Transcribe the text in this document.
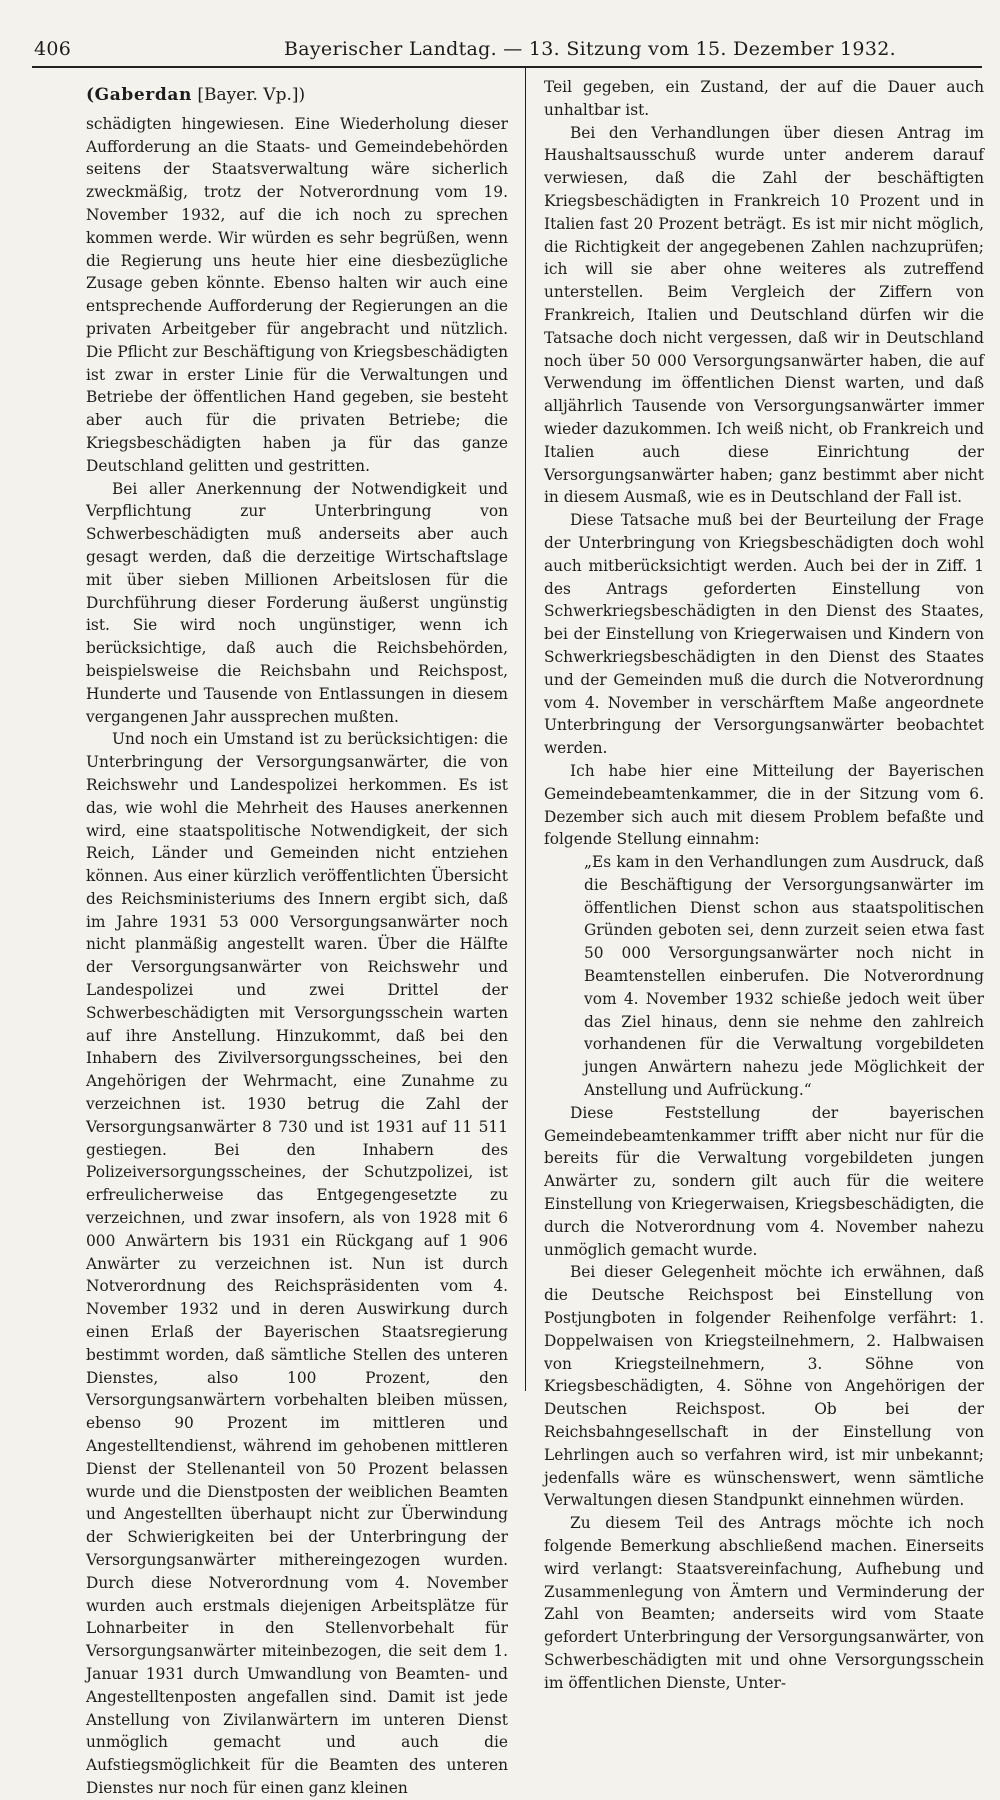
406	Bayerischer Landtag. — 13. Sitzung vom 15. Dezember 1932.
(Gaberdan [Bayer. Vp.])

schädigten hingewiesen. Eine Wiederholung dieser Aufforderung an die Staats- und Gemeindebehörden seitens der Staatsverwaltung wäre sicherlich zweckmäßig, trotz der Notverordnung vom 19. November 1932, auf die ich noch zu sprechen kommen werde. Wir würden es sehr begrüßen, wenn die Regierung uns heute hier eine diesbezügliche Zusage geben könnte. Ebenso halten wir auch eine entsprechende Aufforderung der Regierungen an die privaten Arbeitgeber für angebracht und nützlich. Die Pflicht zur Beschäftigung von Kriegsbeschädigten ist zwar in erster Linie für die Verwaltungen und Betriebe der öffentlichen Hand gegeben, sie besteht aber auch für die privaten Betriebe; die Kriegsbeschädigten haben ja für das ganze Deutschland gelitten und gestritten.

Bei aller Anerkennung der Notwendigkeit und Verpflichtung zur Unterbringung von Schwerbeschädigten muß anderseits aber auch gesagt werden, daß die derzeitige Wirtschaftslage mit über sieben Millionen Arbeitslosen für die Durchführung dieser Forderung äußerst ungünstig ist. Sie wird noch ungünstiger, wenn ich berücksichtige, daß auch die Reichsbehörden, beispielsweise die Reichsbahn und Reichspost, Hunderte und Tausende von Entlassungen in diesem vergangenen Jahr aussprechen mußten.

Und noch ein Umstand ist zu berücksichtigen: die Unterbringung der Versorgungsanwärter, die von Reichswehr und Landespolizei herkommen. Es ist das, wie wohl die Mehrheit des Hauses anerkennen wird, eine staatspolitische Notwendigkeit, der sich Reich, Länder und Gemeinden nicht entziehen können. Aus einer kürzlich veröffentlichten Übersicht des Reichsministeriums des Innern ergibt sich, daß im Jahre 1931 53 000 Versorgungsanwärter noch nicht planmäßig angestellt waren. Über die Hälfte der Versorgungsanwärter von Reichswehr und Landespolizei und zwei Drittel der Schwerbeschädigten mit Versorgungsschein warten auf ihre Anstellung. Hinzukommt, daß bei den Inhabern des Zivilversorgungsscheines, bei den Angehörigen der Wehrmacht, eine Zunahme zu verzeichnen ist. 1930 betrug die Zahl der Versorgungsanwärter 8 730 und ist 1931 auf 11 511 gestiegen. Bei den Inhabern des Polizeiversorgungsscheines, der Schutzpolizei, ist erfreulicherweise das Entgegengesetzte zu verzeichnen, und zwar insofern, als von 1928 mit 6 000 Anwärtern bis 1931 ein Rückgang auf 1 906 Anwärter zu verzeichnen ist. Nun ist durch Notverordnung des Reichspräsidenten vom 4. November 1932 und in deren Auswirkung durch einen Erlaß der Bayerischen Staatsregierung bestimmt worden, daß sämtliche Stellen des unteren Dienstes, also 100 Prozent, den Versorgungsanwärtern vorbehalten bleiben müssen, ebenso 90 Prozent im mittleren und Angestelltendienst, während im gehobenen mittleren Dienst der Stellenanteil von 50 Prozent belassen wurde und die Dienstposten der weiblichen Beamten und Angestellten überhaupt nicht zur Überwindung der Schwierigkeiten bei der Unterbringung der Versorgungsanwärter mithereingezogen wurden. Durch diese Notverordnung vom 4. November wurden auch erstmals diejenigen Arbeitsplätze für Lohnarbeiter in den Stellenvorbehalt für Versorgungsanwärter miteinbezogen, die seit dem 1. Januar 1931 durch Umwandlung von Beamten- und Angestelltenposten angefallen sind. Damit ist jede Anstellung von Zivilanwärtern im unteren Dienst unmöglich gemacht und auch die Aufstiegsmöglichkeit für die Beamten des unteren Dienstes nur noch für einen ganz kleinen

Teil gegeben, ein Zustand, der auf die Dauer auch unhaltbar ist.

Bei den Verhandlungen über diesen Antrag im Haushaltsausschuß wurde unter anderem darauf verwiesen, daß die Zahl der beschäftigten Kriegsbeschädigten in Frankreich 10 Prozent und in Italien fast 20 Prozent beträgt. Es ist mir nicht möglich, die Richtigkeit der angegebenen Zahlen nachzuprüfen; ich will sie aber ohne weiteres als zutreffend unterstellen. Beim Vergleich der Ziffern von Frankreich, Italien und Deutschland dürfen wir die Tatsache doch nicht vergessen, daß wir in Deutschland noch über 50 000 Versorgungsanwärter haben, die auf Verwendung im öffentlichen Dienst warten, und daß alljährlich Tausende von Versorgungsanwärter immer wieder dazukommen. Ich weiß nicht, ob Frankreich und Italien auch diese Einrichtung der Versorgungsanwärter haben; ganz bestimmt aber nicht in diesem Ausmaß, wie es in Deutschland der Fall ist.

Diese Tatsache muß bei der Beurteilung der Frage der Unterbringung von Kriegsbeschädigten doch wohl auch mitberücksichtigt werden. Auch bei der in Ziff. 1 des Antrags geforderten Einstellung von Schwerkriegsbeschädigten in den Dienst des Staates, bei der Einstellung von Kriegerwaisen und Kindern von Schwerkriegsbeschädigten in den Dienst des Staates und der Gemeinden muß die durch die Notverordnung vom 4. November in verschärftem Maße angeordnete Unterbringung der Versorgungsanwärter beobachtet werden.

Ich habe hier eine Mitteilung der Bayerischen Gemeindebeamtenkammer, die in der Sitzung vom 6. Dezember sich auch mit diesem Problem befaßte und folgende Stellung einnahm:

„Es kam in den Verhandlungen zum Ausdruck, daß die Beschäftigung der Versorgungsanwärter im öffentlichen Dienst schon aus staatspolitischen Gründen geboten sei, denn zurzeit seien etwa fast 50 000 Versorgungsanwärter noch nicht in Beamtenstellen einberufen. Die Notverordnung vom 4. November 1932 schieße jedoch weit über das Ziel hinaus, denn sie nehme den zahlreich vorhandenen für die Verwaltung vorgebildeten jungen Anwärtern nahezu jede Möglichkeit der Anstellung und Aufrückung.“

Diese Feststellung der bayerischen Gemeindebeamtenkammer trifft aber nicht nur für die bereits für die Verwaltung vorgebildeten jungen Anwärter zu, sondern gilt auch für die weitere Einstellung von Kriegerwaisen, Kriegsbeschädigten, die durch die Notverordnung vom 4. November nahezu unmöglich gemacht wurde.

Bei dieser Gelegenheit möchte ich erwähnen, daß die Deutsche Reichspost bei Einstellung von Postjungboten in folgender Reihenfolge verfährt: 1. Doppelwaisen von Kriegsteilnehmern, 2. Halbwaisen von Kriegsteilnehmern, 3. Söhne von Kriegsbeschädigten, 4. Söhne von Angehörigen der Deutschen Reichspost. Ob bei der Reichsbahngesellschaft in der Einstellung von Lehrlingen auch so verfahren wird, ist mir unbekannt; jedenfalls wäre es wünschenswert, wenn sämtliche Verwaltungen diesen Standpunkt einnehmen würden.

Zu diesem Teil des Antrags möchte ich noch folgende Bemerkung abschließend machen. Einerseits wird verlangt: Staatsvereinfachung, Aufhebung und Zusammenlegung von Ämtern und Verminderung der Zahl von Beamten; anderseits wird vom Staate gefordert Unterbringung der Versorgungsanwärter, von Schwerbeschädigten mit und ohne Versorgungsschein im öffentlichen Dienste, Unter-
